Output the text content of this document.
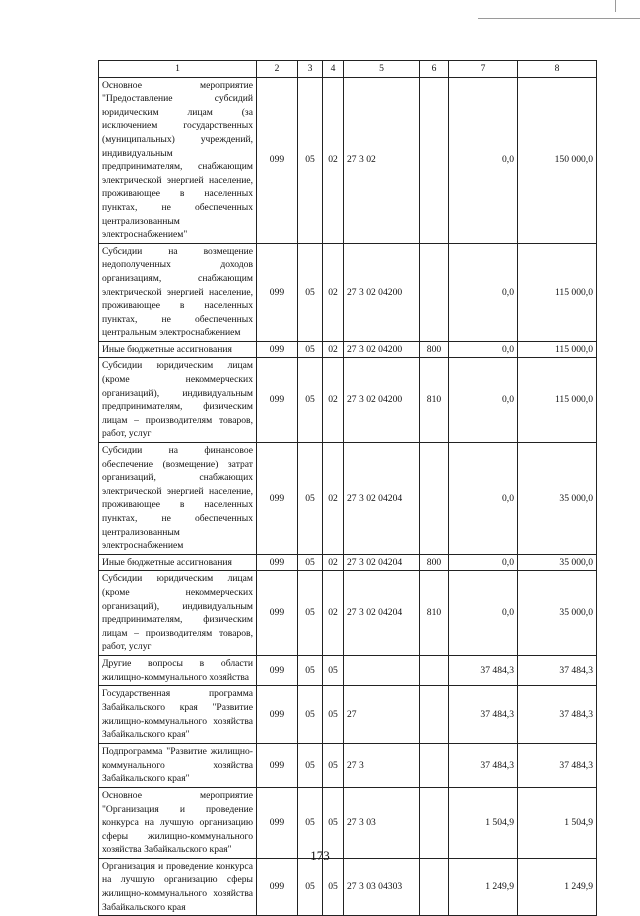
1	2	3	4	5	6	7	8
Основное мероприятие "Предоставление субсидий юридическим лицам (за исключением государственных (муниципальных) учреждений, индивидуальным предпринимателям, снабжающим электрической энергией население, проживающее в населенных пунктах, не обеспеченных централизованным электроснабжением"	099	05	02	27 3 02		0,0	150 000,0
Субсидии на возмещение недополученных доходов организациям, снабжающим электрической энергией население, проживающее в населенных пунктах, не обеспеченных центральным электроснабжением	099	05	02	27 3 02 04200		0,0	115 000,0
Иные бюджетные ассигнования	099	05	02	27 3 02 04200	800	0,0	115 000,0
Субсидии юридическим лицам (кроме некоммерческих организаций), индивидуальным предпринимателям, физическим лицам – производителям товаров, работ, услуг	099	05	02	27 3 02 04200	810	0,0	115 000,0
Субсидии на финансовое обеспечение (возмещение) затрат организаций, снабжающих электрической энергией население, проживающее в населенных пунктах, не обеспеченных централизованным электроснабжением	099	05	02	27 3 02 04204		0,0	35 000,0
Иные бюджетные ассигнования	099	05	02	27 3 02 04204	800	0,0	35 000,0
Субсидии юридическим лицам (кроме некоммерческих организаций), индивидуальным предпринимателям, физическим лицам – производителям товаров, работ, услуг	099	05	02	27 3 02 04204	810	0,0	35 000,0
Другие вопросы в области жилищно-коммунального хозяйства	099	05	05			37 484,3	37 484,3
Государственная программа Забайкальского края "Развитие жилищно-коммунального хозяйства Забайкальского края"	099	05	05	27		37 484,3	37 484,3
Подпрограмма "Развитие жилищно-коммунального хозяйства Забайкальского края"	099	05	05	27 3		37 484,3	37 484,3
Основное мероприятие "Организация и проведение конкурса на лучшую организацию сферы жилищно-коммунального хозяйства Забайкальского края"	099	05	05	27 3 03		1 504,9	1 504,9
Организация и проведение конкурса на лучшую организацию сферы жилищно-коммунального хозяйства Забайкальского края	099	05	05	27 3 03 04303		1 249,9	1 249,9
173
